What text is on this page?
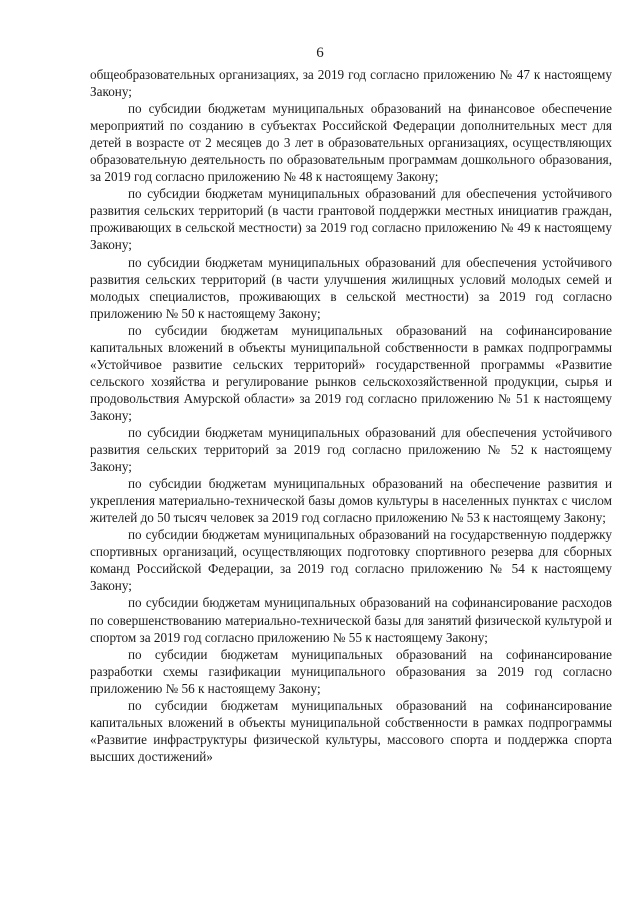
6

общеобразовательных организациях, за 2019 год согласно приложению № 47 к настоящему Закону;

по субсидии бюджетам муниципальных образований на финансовое обеспечение мероприятий по созданию в субъектах Российской Федерации дополнительных мест для детей в возрасте от 2 месяцев до 3 лет в образовательных организациях, осуществляющих образовательную деятельность по образовательным программам дошкольного образования, за 2019 год согласно приложению № 48 к настоящему Закону;

по субсидии бюджетам муниципальных образований для обеспечения устойчивого развития сельских территорий (в части грантовой поддержки местных инициатив граждан, проживающих в сельской местности) за 2019 год согласно приложению № 49 к настоящему Закону;

по субсидии бюджетам муниципальных образований для обеспечения устойчивого развития сельских территорий (в части улучшения жилищных условий молодых семей и молодых специалистов, проживающих в сельской местности) за 2019 год согласно приложению № 50 к настоящему Закону;

по субсидии бюджетам муниципальных образований на софинансирование капитальных вложений в объекты муниципальной собственности в рамках подпрограммы «Устойчивое развитие сельских территорий» государственной программы «Развитие сельского хозяйства и регулирование рынков сельскохозяйственной продукции, сырья и продовольствия Амурской области» за 2019 год согласно приложению № 51 к настоящему Закону;

по субсидии бюджетам муниципальных образований для обеспечения устойчивого развития сельских территорий за 2019 год согласно приложению № 52 к настоящему Закону;

по субсидии бюджетам муниципальных образований на обеспечение развития и укрепления материально-технической базы домов культуры в населенных пунктах с числом жителей до 50 тысяч человек за 2019 год согласно приложению № 53 к настоящему Закону;

по субсидии бюджетам муниципальных образований на государственную поддержку спортивных организаций, осуществляющих подготовку спортивного резерва для сборных команд Российской Федерации, за 2019 год согласно приложению № 54 к настоящему Закону;

по субсидии бюджетам муниципальных образований на софинансирование расходов по совершенствованию материально-технической базы для занятий физической культурой и спортом за 2019 год согласно приложению № 55 к настоящему Закону;

по субсидии бюджетам муниципальных образований на софинансирование разработки схемы газификации муниципального образования за 2019 год согласно приложению № 56 к настоящему Закону;

по субсидии бюджетам муниципальных образований на софинансирование капитальных вложений в объекты муниципальной собственности в рамках подпрограммы «Развитие инфраструктуры физической культуры, массового спорта и поддержка спорта высших достижений»
